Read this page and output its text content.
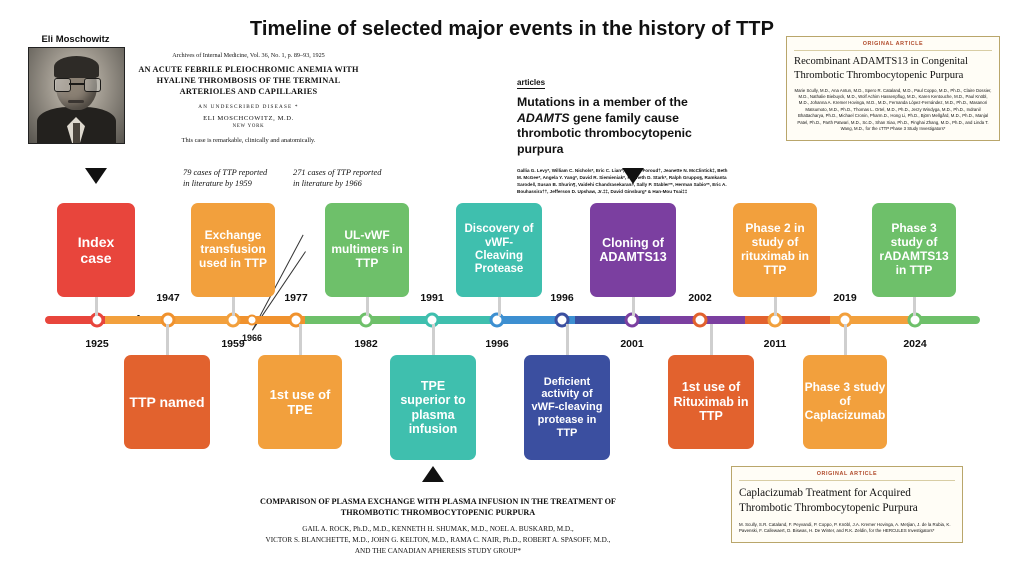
Timeline of selected major events in the history of TTP
Eli Moschowitz
Archives of Internal Medicine, Vol. 36, No. 1, p. 89–93, 1925
AN ACUTE FEBRILE PLEIOCHROMIC ANEMIA WITH
HYALINE THROMBOSIS OF THE TERMINAL
ARTERIOLES AND CAPILLARIES
AN UNDESCRIBED DISEASE *
ELI MOSCHCOWITZ, M.D.
NEW YORK
This case is remarkable, clinically and anatomically.
articles
Mutations in a member of the ADAMTS gene family cause thrombotic thrombocytopenic purpura
Gallia G. Levy*, William C. Nichols*, Eric C. Lian*, Tatiana Foroud†, Jeanette N. McClintick‡, Beth M. McGee*, Angela Y. Yang*, David R. Siemieniak*, Kenneth D. Stark*, Ralph Gruppo§, Ramkanta Sarode‖, Susan B. Shurin¶, Vaidehi Chandrasekaran#, Sally P. Stabler**, Herman Sabio**, Eric A. Bouhassira††, Jefferson D. Upshaw, Jr.‡‡, David Ginsburg* & Han-Mou Tsai‡‡
ORIGINAL ARTICLE
Recombinant ADAMTS13 in Congenital Thrombotic Thrombocytopenic Purpura
Marie Scully, M.D., Ana Antun, M.D., Spero R. Cataland, M.D., Paul Coppo, M.D., Ph.D., Claire Dossier, M.D., Nathalie Biebuyck, M.D., Wolf Achim Hassenpflug, M.D., Karen Kentouche, M.D., Paul Knöbl, M.D., Johanna A. Kremer Hovinga, M.D., M.D., Fernanda López-Fernández, M.D., Ph.D., Masanori Matsumoto, M.D., Ph.D., Thomas L. Ortel, M.D., Ph.D., Jerzy Windyga, M.D., Ph.D., Indranil Bhattacharya, Ph.D., Michael Cronin, Pharm.D., Hong Li, Ph.D., Björn Mellgård, M.D., Ph.D., Manjal Patel, Ph.D., Parth Patwari, M.D., Sc.D., Shan Xiao, Ph.D., Pinghai Zhang, M.D., Ph.D., and Linda T. Wang, M.D., for the cTTP Phase 3 Study Investigators*
ORIGINAL ARTICLE
Caplacizumab Treatment for Acquired Thrombotic Thrombocytopenic Purpura
M. Scully, S.R. Cataland, F. Peyvandi, P. Coppo, P. Knöbl, J.A. Kremer Hovinga, A. Metjian, J. de la Rubia, K. Pavenski, F. Callewaert, D. Biswas, H. De Winter, and R.K. Zeldin, for the HERCULES Investigators*
COMPARISON OF PLASMA EXCHANGE WITH PLASMA INFUSION IN THE TREATMENT OF
THROMBOTIC THROMBOCYTOPENIC PURPURA
GAIL A. ROCK, Ph.D., M.D., KENNETH H. SHUMAK, M.D., NOEL A. BUSKARD, M.D.,
VICTOR S. BLANCHETTE, M.D., JOHN G. KELTON, M.D., RAMA C. NAIR, Ph.D., ROBERT A. SPASOFF, M.D.,
AND THE CANADIAN APHERESIS STUDY GROUP*
79 cases of TTP reported in literature by 1959
271 cases of TTP reported in literature by 1966
1925
1947
1959
1966
1977
1982
1991
1996
1996
2001
2002
2011
2019
2024
Index case
Exchange transfusion used in TTP
UL-vWF multimers in TTP
Discovery of vWF-Cleaving Protease
Cloning of ADAMTS13
Phase 2 in study of rituximab in TTP
Phase 3 study of rADAMTS13 in TTP
TTP named	1st use of TPE
TPE superior to plasma infusion
Deficient activity of vWF-cleaving protease in TTP
1st use of Rituximab in TTP
Phase 3 study of Caplacizumab
